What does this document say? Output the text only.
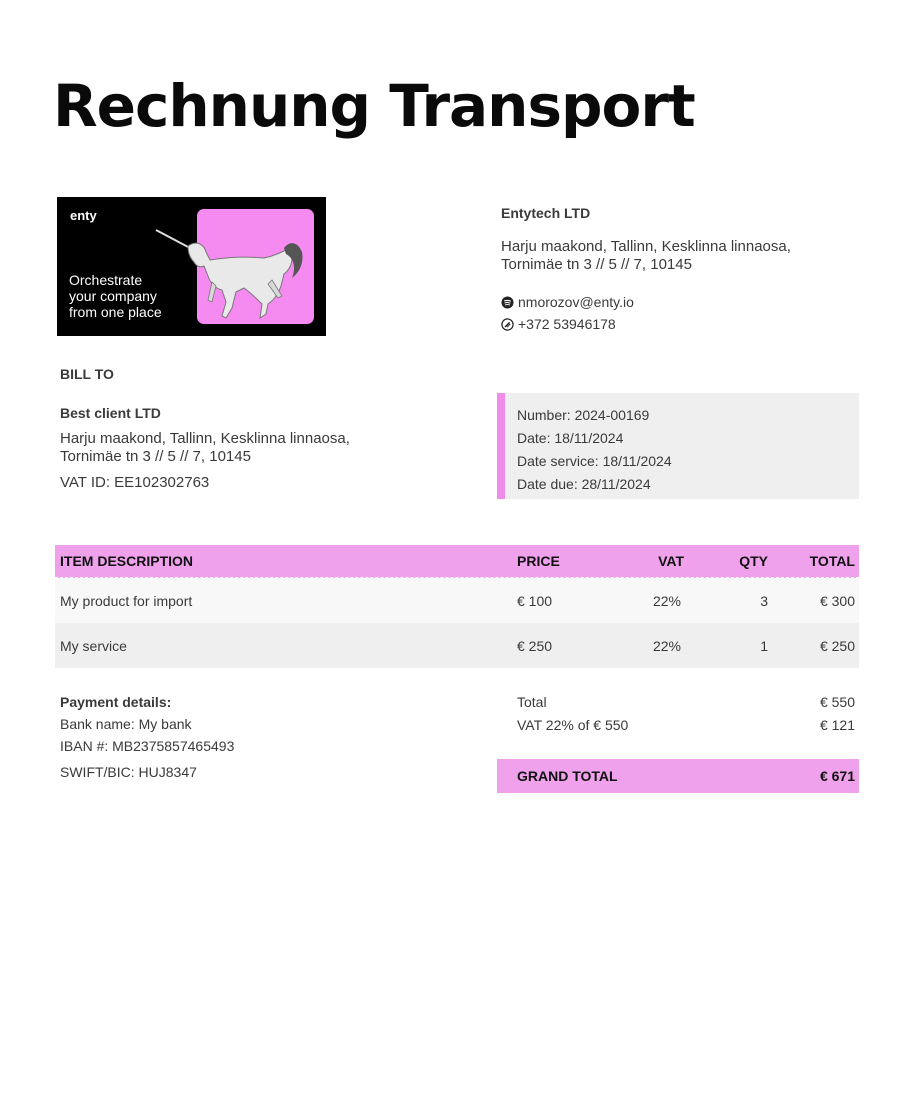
Rechnung Transport
enty
Orchestrate
your company
from one place
Entytech LTD
Harju maakond, Tallinn, Kesklinna linnaosa,
Tornimäe tn 3 // 5 // 7, 10145
nmorozov@enty.io
+372 53946178
BILL TO
Best client LTD
Harju maakond, Tallinn, Kesklinna linnaosa,
Tornimäe tn 3 // 5 // 7, 10145
VAT ID: EE102302763
Number: 2024-00169
Date: 18/11/2024
Date service: 18/11/2024
Date due: 28/11/2024
ITEM DESCRIPTION	PRICE	VAT	QTY	TOTAL
My product for import	€ 100	22%	3	€ 300
My service	€ 250	22%	1	€ 250
Payment details:
Bank name: My bank
IBAN #: MB2375857465493
SWIFT/BIC: HUJ8347
Total	€ 550
VAT 22% of € 550	€ 121
GRAND TOTAL	€ 671
